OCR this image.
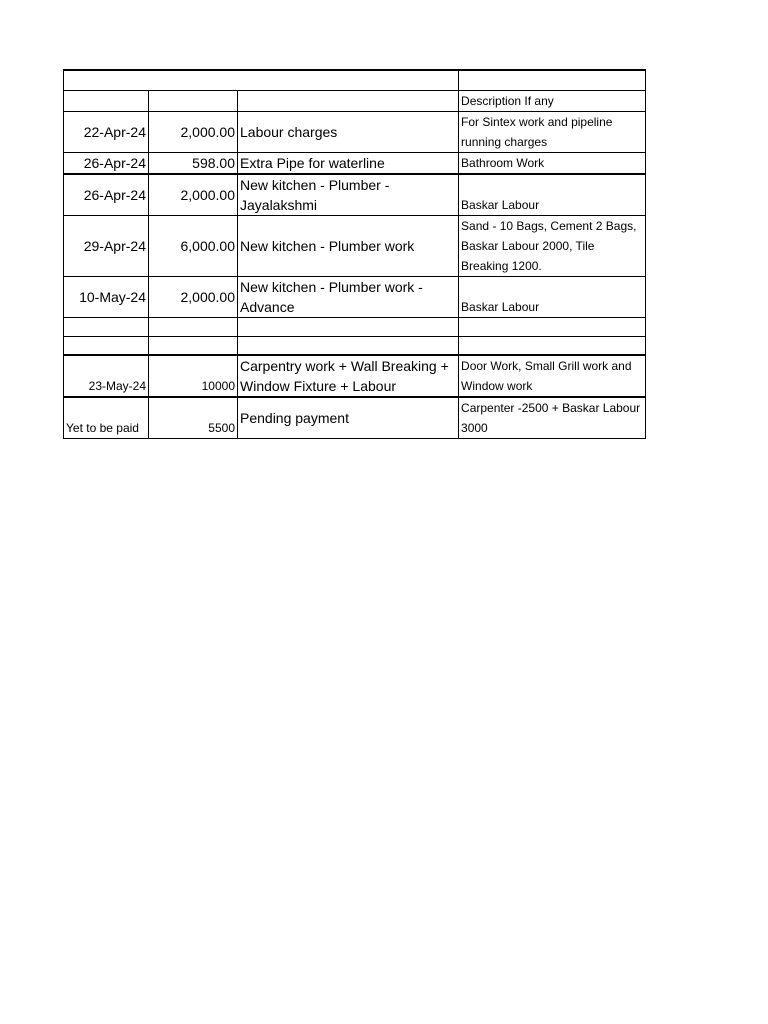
			Description If any
22-Apr-24	2,000.00	Labour charges	For Sintex work and pipeline running charges
26-Apr-24	598.00	Extra Pipe for waterline	Bathroom Work
26-Apr-24	2,000.00	New kitchen - Plumber - Jayalakshmi	Baskar Labour
29-Apr-24	6,000.00	New kitchen - Plumber work	Sand - 10 Bags, Cement 2 Bags, Baskar Labour 2000, Tile Breaking 1200.
10-May-24	2,000.00	New kitchen - Plumber work - Advance	Baskar Labour

23-May-24	10000	Carpentry work + Wall Breaking + Window Fixture + Labour	Door Work, Small Grill work and Window work
Yet to be paid	5500	Pending payment	Carpenter -2500 + Baskar Labour 3000
